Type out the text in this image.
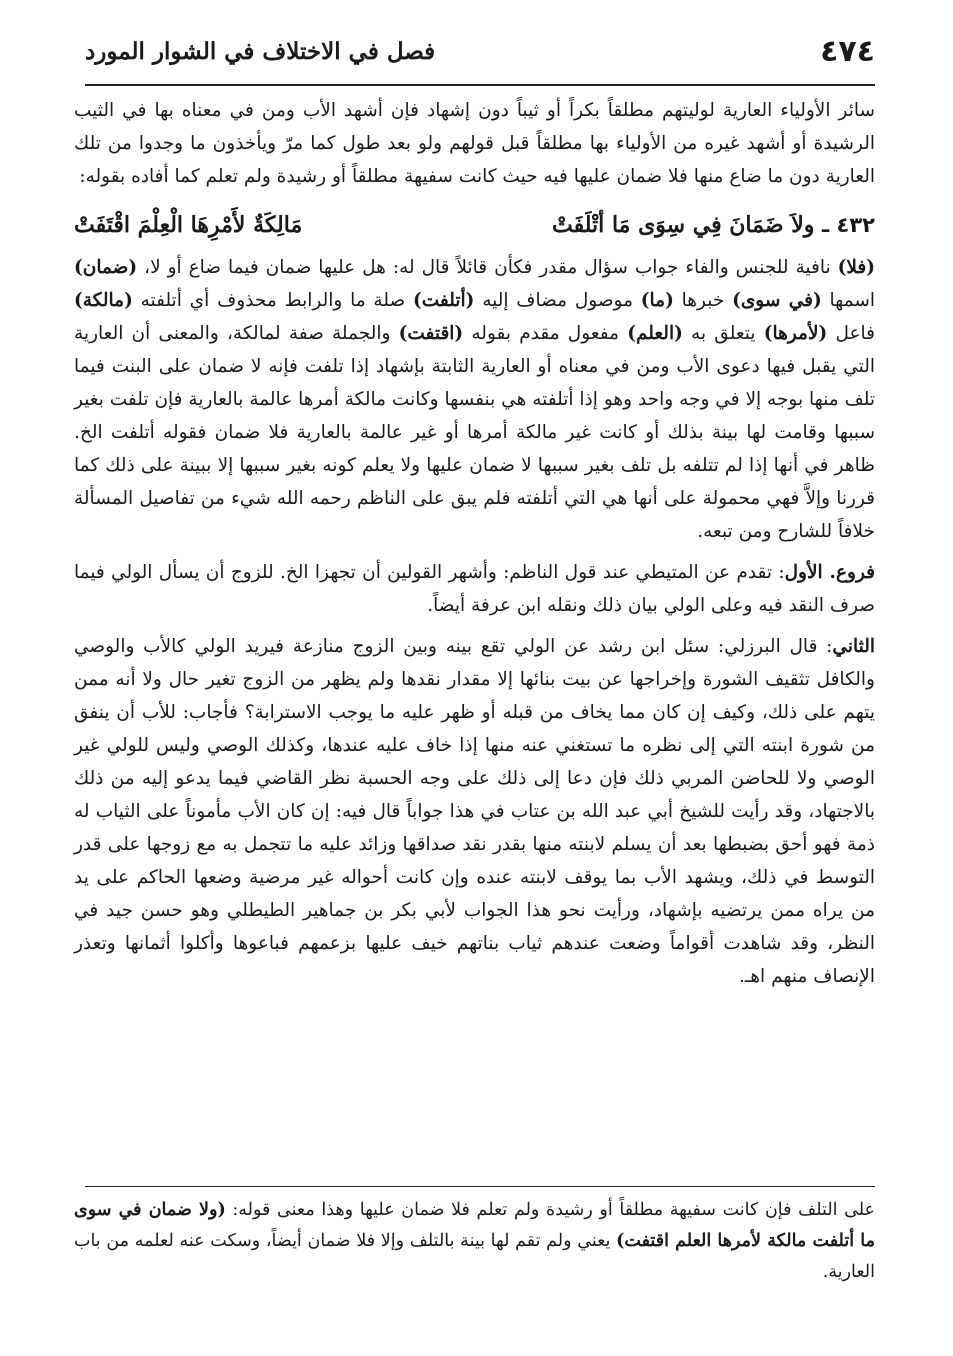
٤٧٤
فصل في الاختلاف في الشوار المورد

سائر الأولياء العارية لوليتهم مطلقاً بكراً أو ثيباً دون إشهاد فإن أشهد الأب ومن في معناه بها في الثيب الرشيدة أو أشهد غيره من الأولياء بها مطلقاً قبل قولهم ولو بعد طول كما مرّ ويأخذون ما وجدوا من تلك العارية دون ما ضاع منها فلا ضمان عليها فيه حيث كانت سفيهة مطلقاً أو رشيدة ولم تعلم كما أفاده بقوله:

٤٣٢ ـ ولاَ ضَمَانَ فِي سِوَى مَا أتْلَفَتْ
مَالِكَةٌ لأَمْرِهَا الْعِلْمَ اقْتَفَتْ

(فلا) نافية للجنس والفاء جواب سؤال مقدر فكأن قائلاً قال له: هل عليها ضمان فيما ضاع أو لا، (ضمان) اسمها (في سوى) خبرها (ما) موصول مضاف إليه (أتلفت) صلة ما والرابط محذوف أي أتلفته (مالكة) فاعل (لأمرها) يتعلق به (العلم) مفعول مقدم بقوله (اقتفت) والجملة صفة لمالكة، والمعنى أن العارية التي يقبل فيها دعوى الأب ومن في معناه أو العارية الثابتة بإشهاد إذا تلفت فإنه لا ضمان على البنت فيما تلف منها بوجه إلا في وجه واحد وهو إذا أتلفته هي بنفسها وكانت مالكة أمرها عالمة بالعارية فإن تلفت بغير سببها وقامت لها بينة بذلك أو كانت غير مالكة أمرها أو غير عالمة بالعارية فلا ضمان فقوله أتلفت الخ. ظاهر في أنها إذا لم تتلفه بل تلف بغير سببها لا ضمان عليها ولا يعلم كونه بغير سببها إلا ببينة على ذلك كما قررنا وإلاَّ فهي محمولة على أنها هي التي أتلفته فلم يبق على الناظم رحمه الله شيء من تفاصيل المسألة خلافاً للشارح ومن تبعه.

فروع. الأول: تقدم عن المتيطي عند قول الناظم: وأشهر القولين أن تجهزا الخ. للزوج أن يسأل الولي فيما صرف النقد فيه وعلى الولي بيان ذلك ونقله ابن عرفة أيضاً.

الثاني: قال البرزلي: سئل ابن رشد عن الولي تقع بينه وبين الزوج منازعة فيريد الولي كالأب والوصي والكافل تثقيف الشورة وإخراجها عن بيت بنائها إلا مقدار نقدها ولم يظهر من الزوج تغير حال ولا أنه ممن يتهم على ذلك، وكيف إن كان مما يخاف من قبله أو ظهر عليه ما يوجب الاسترابة؟ فأجاب: للأب أن ينفق من شورة ابنته التي إلى نظره ما تستغني عنه منها إذا خاف عليه عندها، وكذلك الوصي وليس للولي غير الوصي ولا للحاضن المربي ذلك فإن دعا إلى ذلك على وجه الحسبة نظر القاضي فيما يدعو إليه من ذلك بالاجتهاد، وقد رأيت للشيخ أبي عبد الله بن عتاب في هذا جواباً قال فيه: إن كان الأب مأموناً على الثياب له ذمة فهو أحق بضبطها بعد أن يسلم لابنته منها بقدر نقد صداقها وزائد عليه ما تتجمل به مع زوجها على قدر التوسط في ذلك، ويشهد الأب بما يوقف لابنته عنده وإن كانت أحواله غير مرضية وضعها الحاكم على يد من يراه ممن يرتضيه بإشهاد، ورأيت نحو هذا الجواب لأبي بكر بن جماهير الطيطلي وهو حسن جيد في النظر، وقد شاهدت أقواماً وضعت عندهم ثياب بناتهم خيف عليها بزعمهم فباعوها وأكلوا أثمانها وتعذر الإنصاف منهم اهـ.

على التلف فإن كانت سفيهة مطلقاً أو رشيدة ولم تعلم فلا ضمان عليها وهذا معنى قوله: (ولا ضمان في سوى ما أتلفت مالكة لأمرها العلم اقتفت) يعني ولم تقم لها بينة بالتلف وإلا فلا ضمان أيضاً، وسكت عنه لعلمه من باب العارية.
